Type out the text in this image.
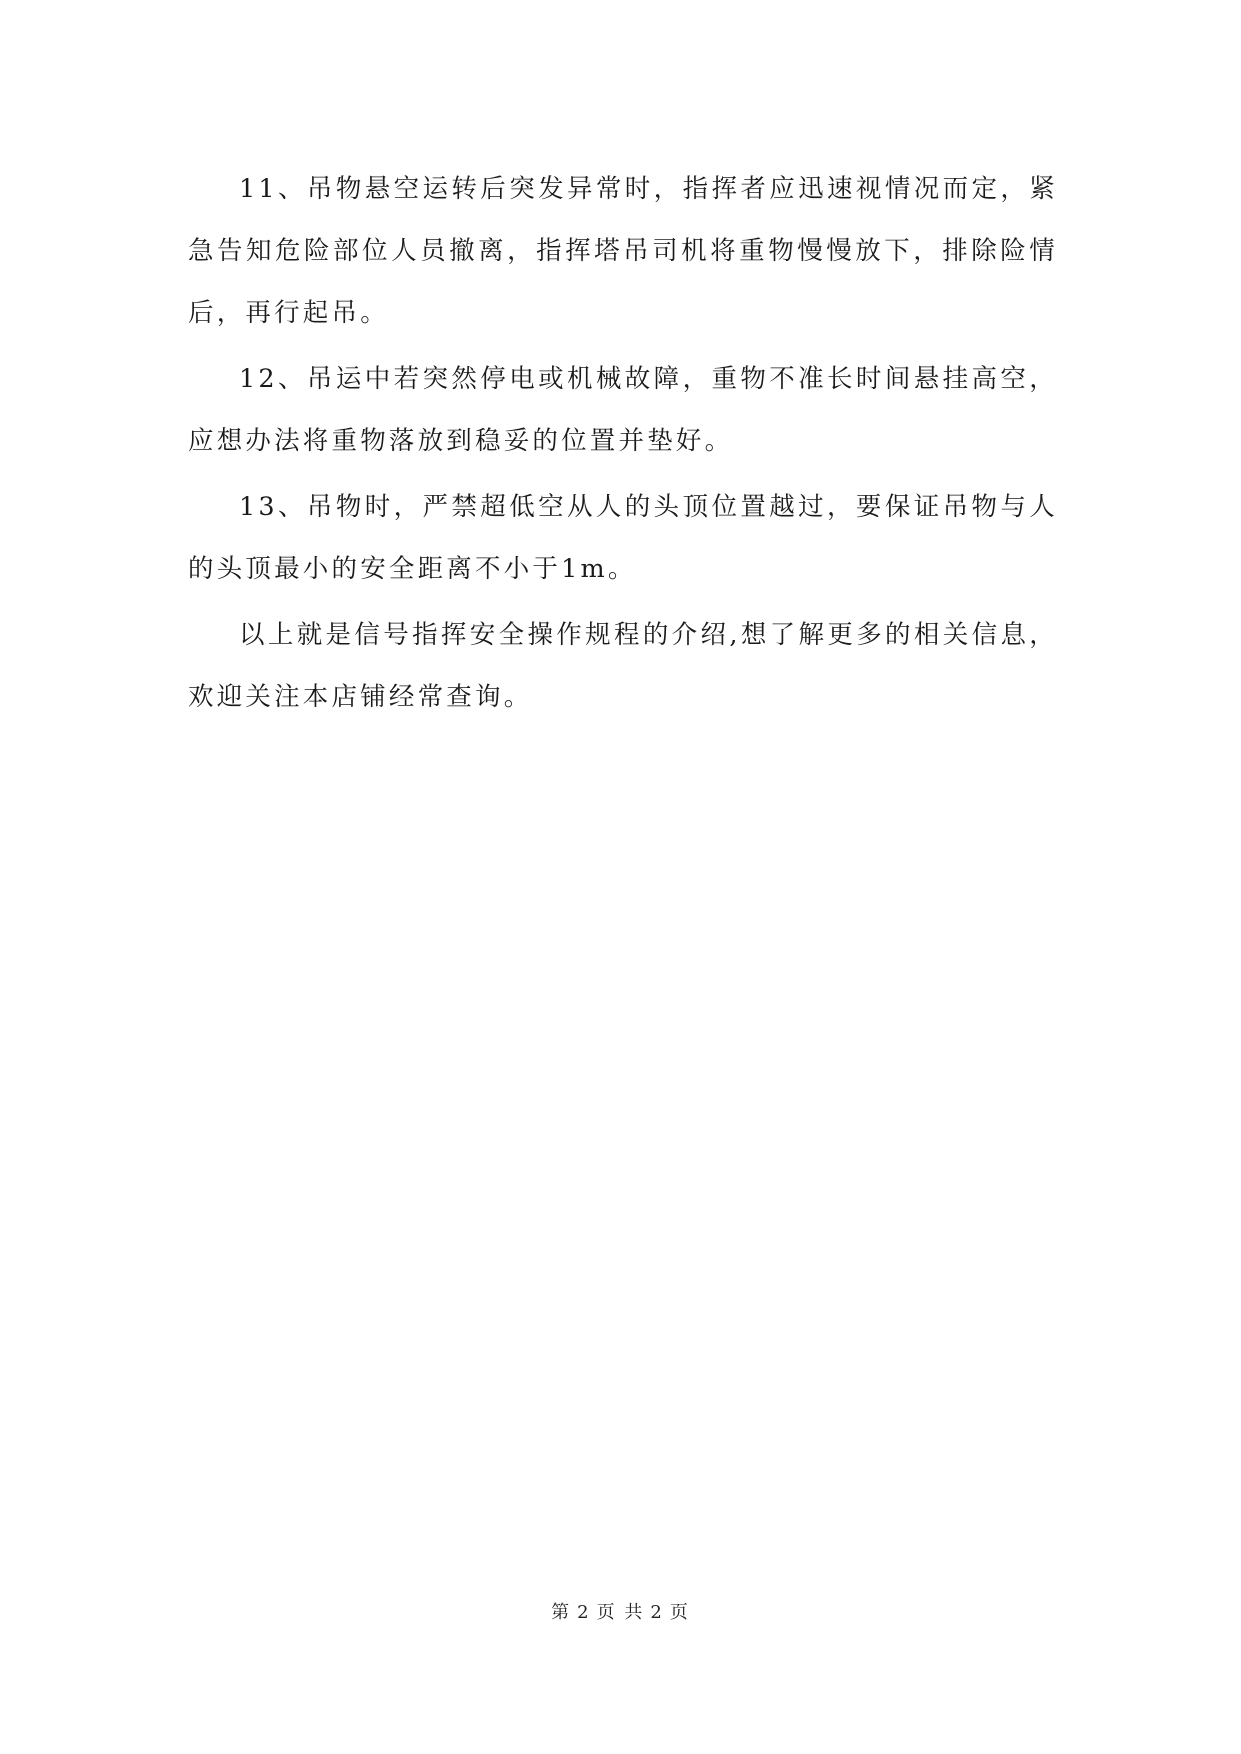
11、吊物悬空运转后突发异常时，指挥者应迅速视情况而定，紧急告知危险部位人员撤离，指挥塔吊司机将重物慢慢放下，排除险情后，再行起吊。

12、吊运中若突然停电或机械故障，重物不准长时间悬挂高空，应想办法将重物落放到稳妥的位置并垫好。

13、吊物时，严禁超低空从人的头顶位置越过，要保证吊物与人的头顶最小的安全距离不小于1m。

以上就是信号指挥安全操作规程的介绍,想了解更多的相关信息，欢迎关注本店铺经常查询。

第 2 页 共 2 页
